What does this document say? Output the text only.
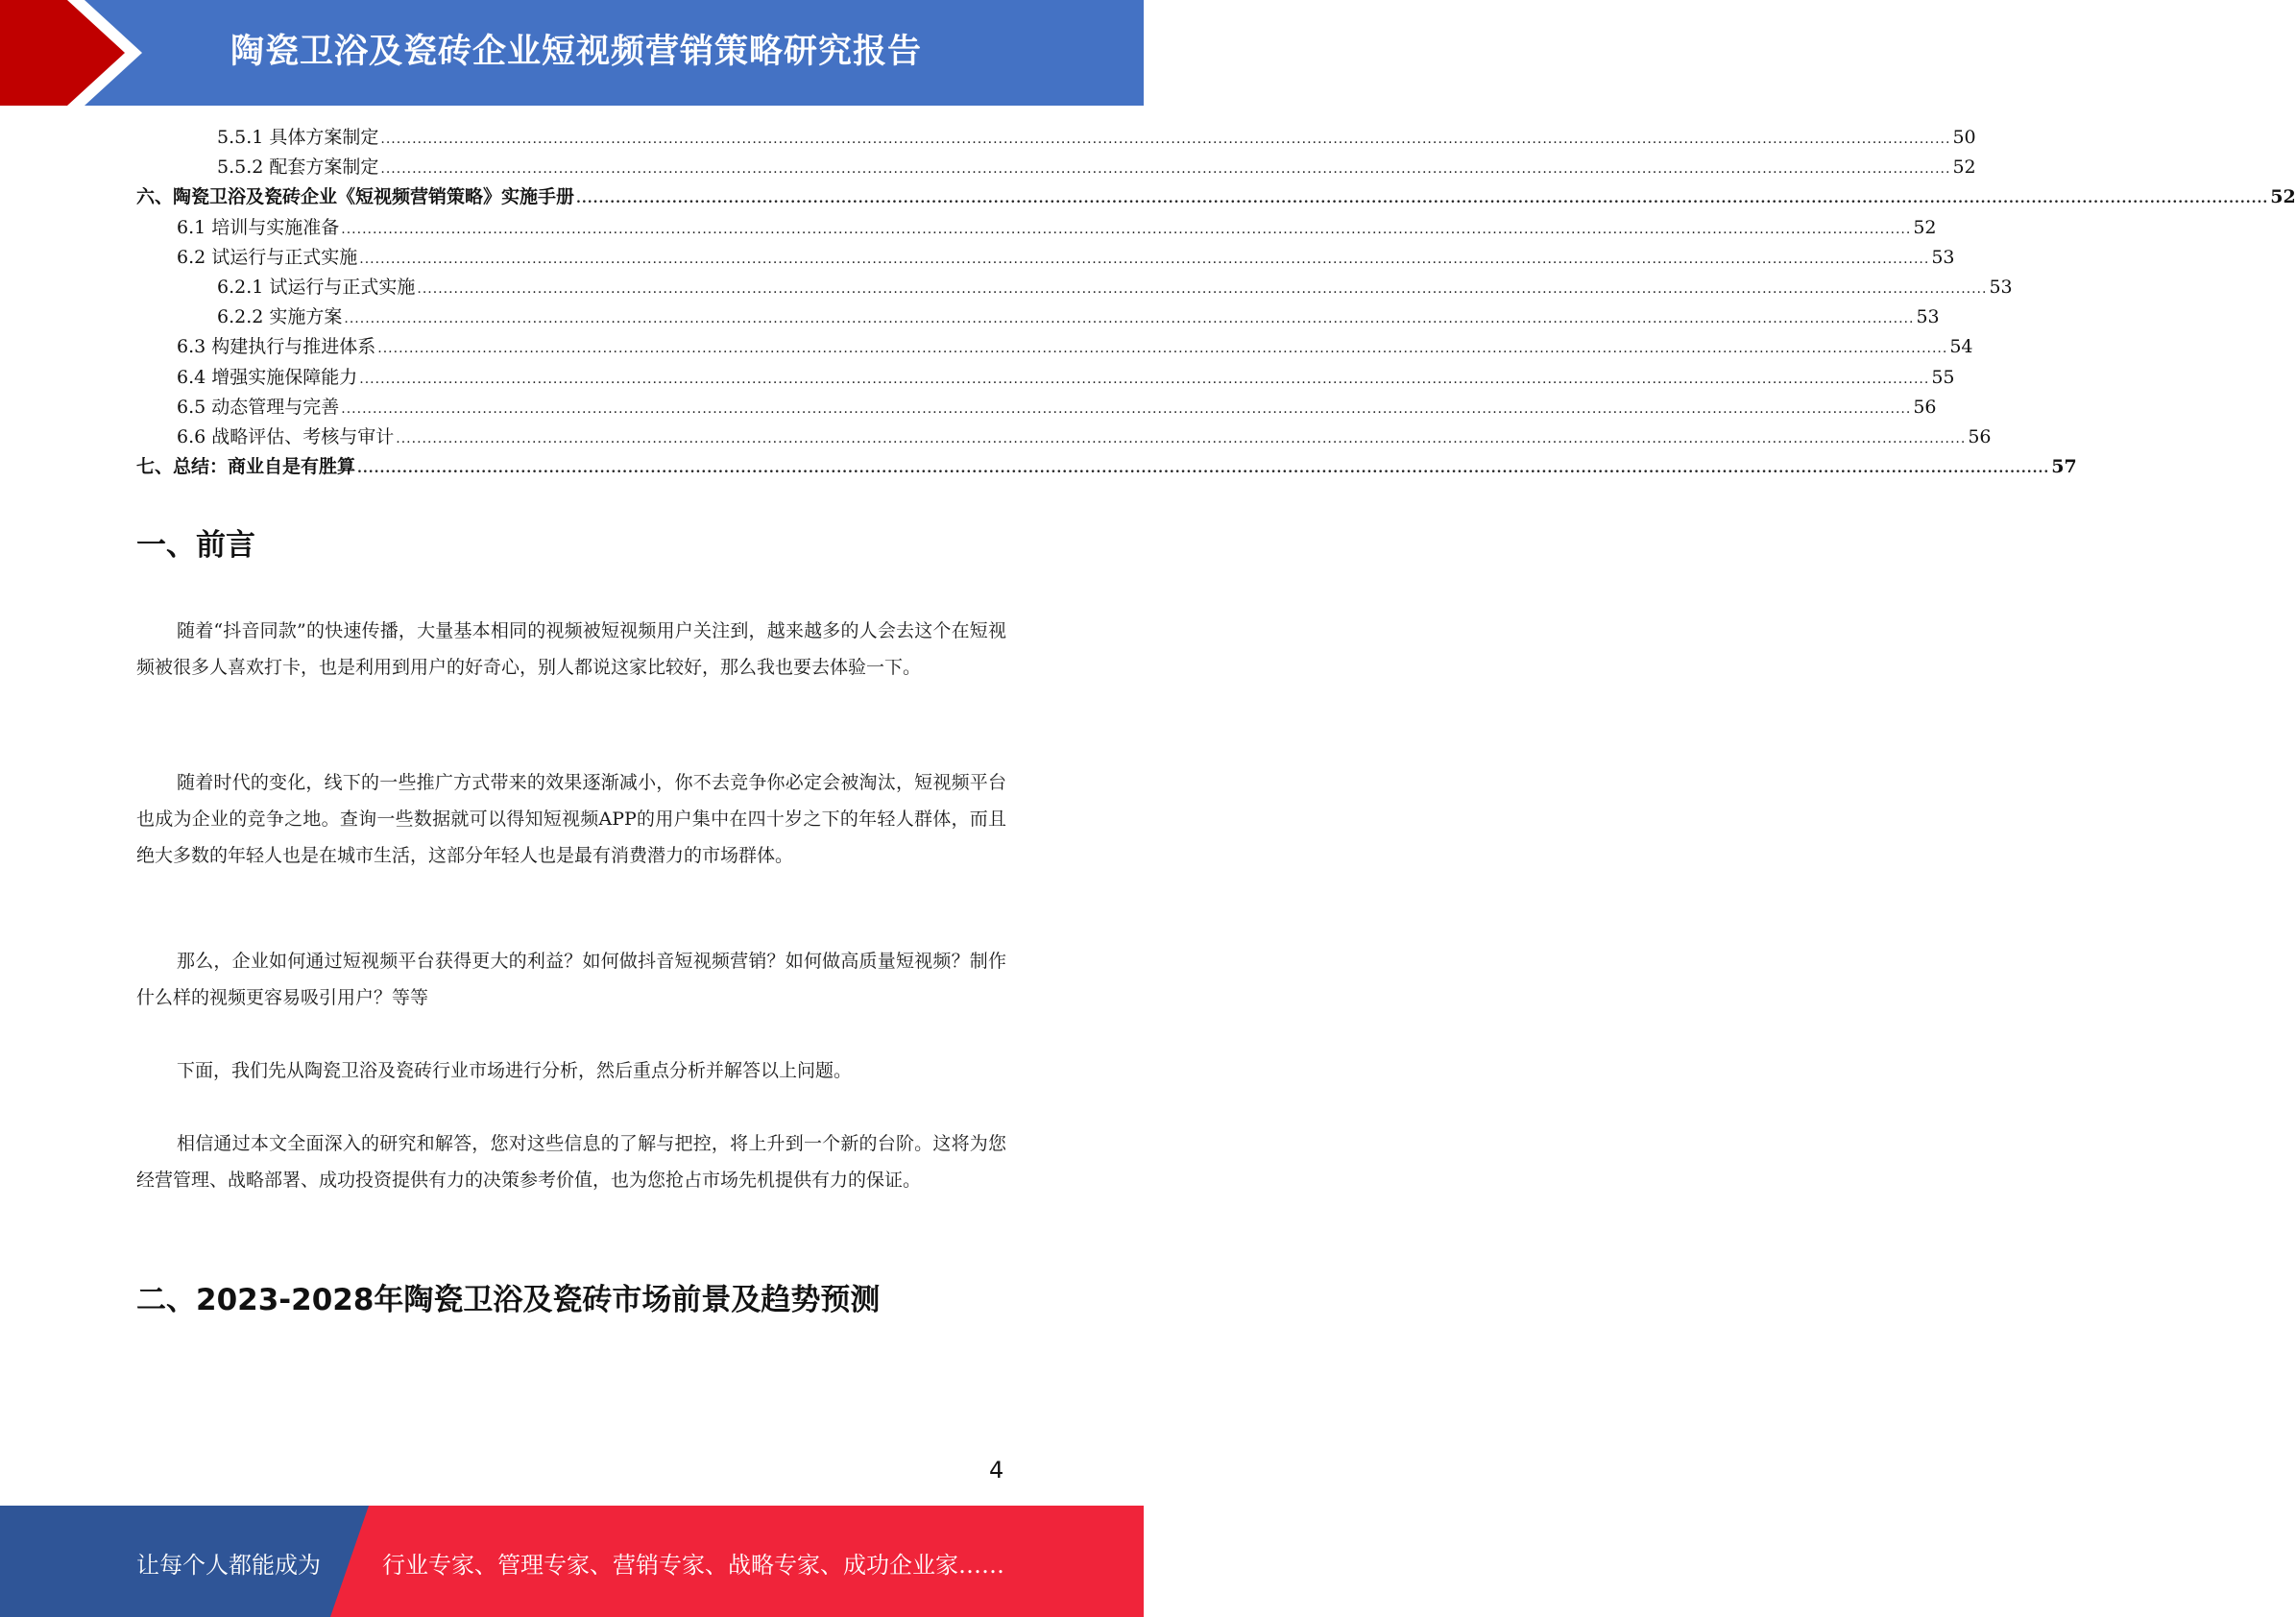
陶瓷卫浴及瓷砖企业短视频营销策略研究报告
5.5.1 具体方案制定 ............................................................................................................................................................................................................................................................................................................ 50
5.5.2 配套方案制定 ............................................................................................................................................................................................................................................................................................................ 52
六、陶瓷卫浴及瓷砖企业《短视频营销策略》实施手册 ............................................................................................................................................................................................................................................................................................................ 52
6.1 培训与实施准备 ............................................................................................................................................................................................................................................................................................................ 52
6.2 试运行与正式实施 ............................................................................................................................................................................................................................................................................................................ 53
6.2.1 试运行与正式实施 ............................................................................................................................................................................................................................................................................................................ 53
6.2.2 实施方案 ............................................................................................................................................................................................................................................................................................................ 53
6.3 构建执行与推进体系 ............................................................................................................................................................................................................................................................................................................ 54
6.4 增强实施保障能力 ............................................................................................................................................................................................................................................................................................................ 55
6.5 动态管理与完善 ............................................................................................................................................................................................................................................................................................................ 56
6.6 战略评估、考核与审计 ............................................................................................................................................................................................................................................................................................................ 56
七、总结：商业自是有胜算 ............................................................................................................................................................................................................................................................................................................ 57
一、前言
随着“抖音同款”的快速传播，大量基本相同的视频被短视频用户关注到，越来越多的人会去这个在短视频被很多人喜欢打卡，也是利用到用户的好奇心，别人都说这家比较好，那么我也要去体验一下。
随着时代的变化，线下的一些推广方式带来的效果逐渐减小，你不去竞争你必定会被淘汰，短视频平台也成为企业的竞争之地。查询一些数据就可以得知短视频APP的用户集中在四十岁之下的年轻人群体，而且绝大多数的年轻人也是在城市生活，这部分年轻人也是最有消费潜力的市场群体。
那么，企业如何通过短视频平台获得更大的利益？如何做抖音短视频营销？如何做高质量短视频？制作什么样的视频更容易吸引用户？等等
下面，我们先从陶瓷卫浴及瓷砖行业市场进行分析，然后重点分析并解答以上问题。
相信通过本文全面深入的研究和解答，您对这些信息的了解与把控，将上升到一个新的台阶。这将为您经营管理、战略部署、成功投资提供有力的决策参考价值，也为您抢占市场先机提供有力的保证。
二、2023-2028年陶瓷卫浴及瓷砖市场前景及趋势预测
4
让每个人都能成为	行业专家、管理专家、营销专家、战略专家、成功企业家……
